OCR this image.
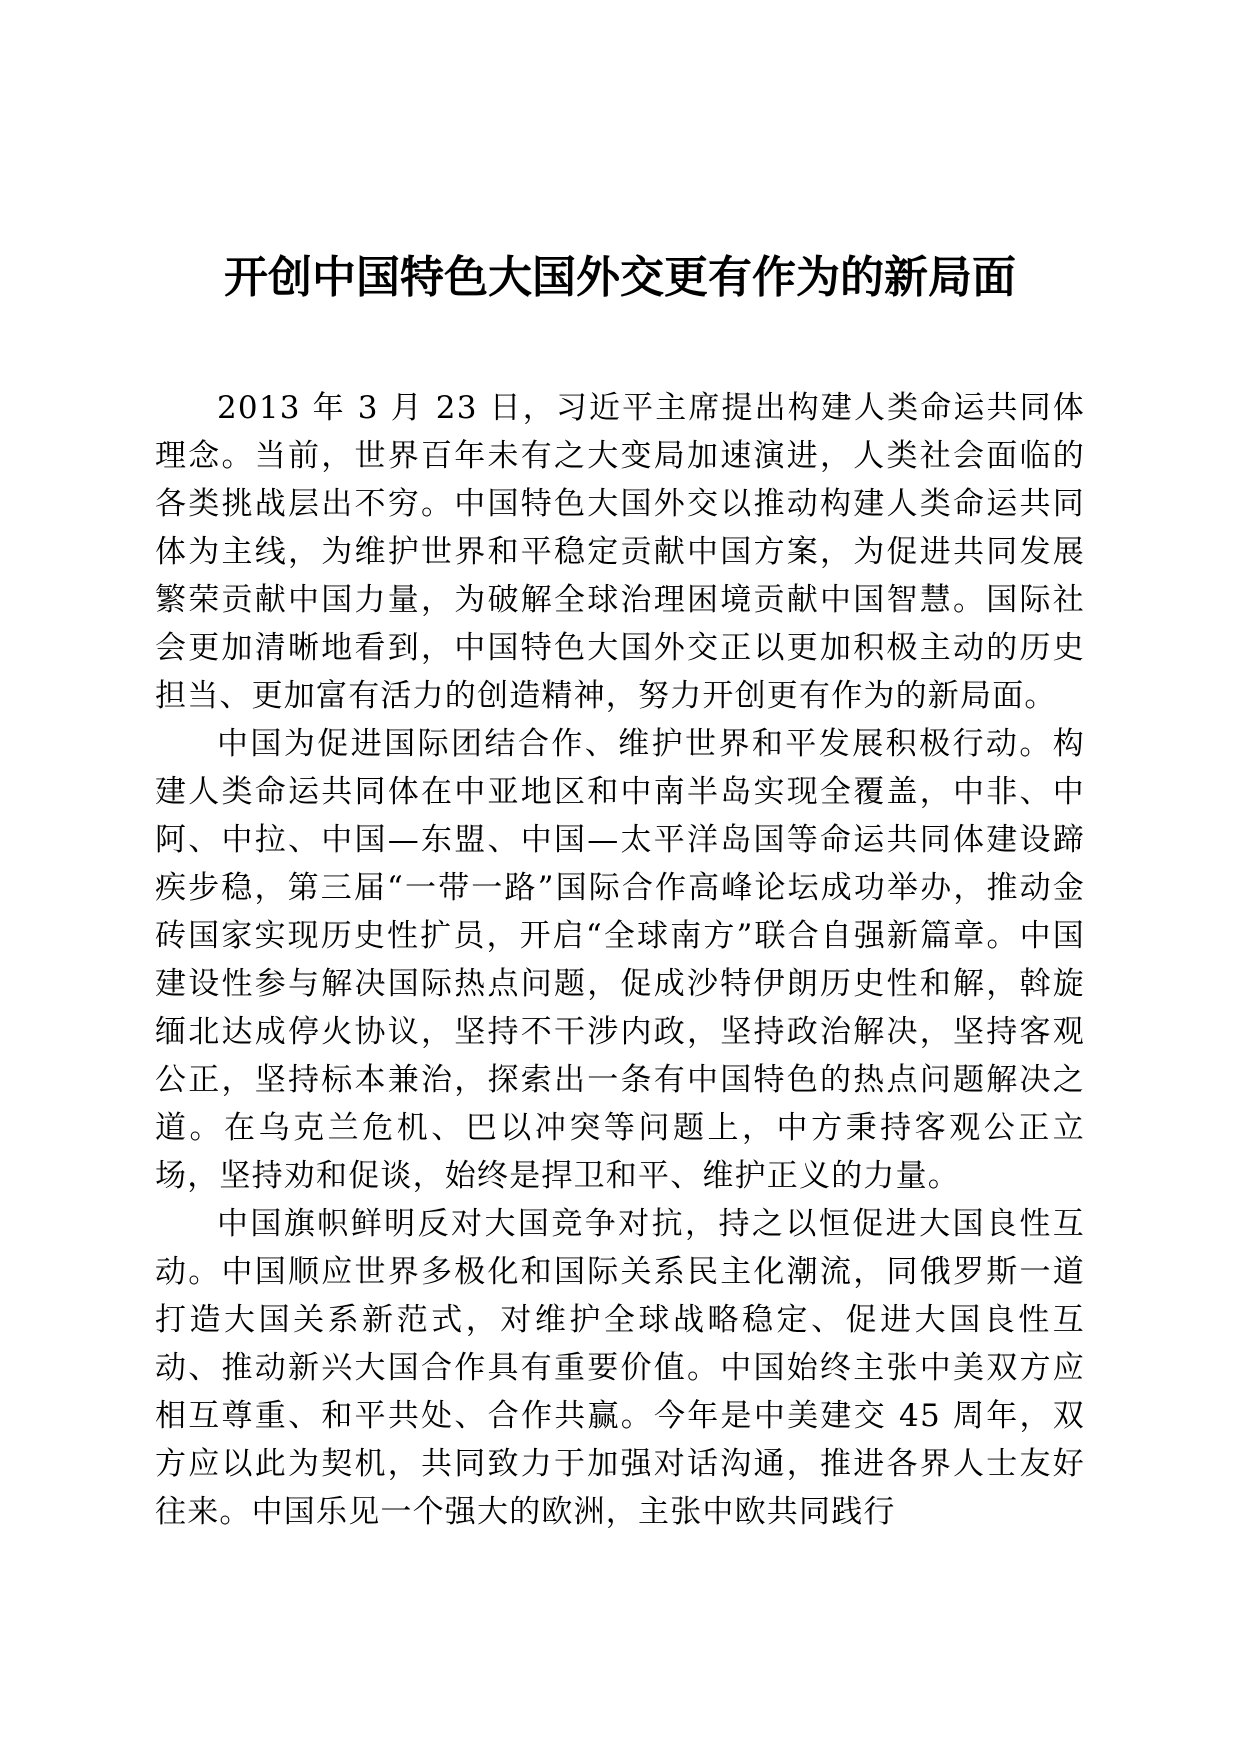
开创中国特色大国外交更有作为的新局面

2013 年 3 月 23 日，习近平主席提出构建人类命运共同体理念。当前，世界百年未有之大变局加速演进，人类社会面临的各类挑战层出不穷。中国特色大国外交以推动构建人类命运共同体为主线，为维护世界和平稳定贡献中国方案，为促进共同发展繁荣贡献中国力量，为破解全球治理困境贡献中国智慧。国际社会更加清晰地看到，中国特色大国外交正以更加积极主动的历史担当、更加富有活力的创造精神，努力开创更有作为的新局面。

中国为促进国际团结合作、维护世界和平发展积极行动。构建人类命运共同体在中亚地区和中南半岛实现全覆盖，中非、中阿、中拉、中国—东盟、中国—太平洋岛国等命运共同体建设蹄疾步稳，第三届“一带一路”国际合作高峰论坛成功举办，推动金砖国家实现历史性扩员，开启“全球南方”联合自强新篇章。中国建设性参与解决国际热点问题，促成沙特伊朗历史性和解，斡旋缅北达成停火协议，坚持不干涉内政，坚持政治解决，坚持客观公正，坚持标本兼治，探索出一条有中国特色的热点问题解决之道。在乌克兰危机、巴以冲突等问题上，中方秉持客观公正立场，坚持劝和促谈，始终是捍卫和平、维护正义的力量。

中国旗帜鲜明反对大国竞争对抗，持之以恒促进大国良性互动。中国顺应世界多极化和国际关系民主化潮流，同俄罗斯一道打造大国关系新范式，对维护全球战略稳定、促进大国良性互动、推动新兴大国合作具有重要价值。中国始终主张中美双方应相互尊重、和平共处、合作共赢。今年是中美建交 45 周年，双方应以此为契机，共同致力于加强对话沟通，推进各界人士友好往来。中国乐见一个强大的欧洲，主张中欧共同践行
